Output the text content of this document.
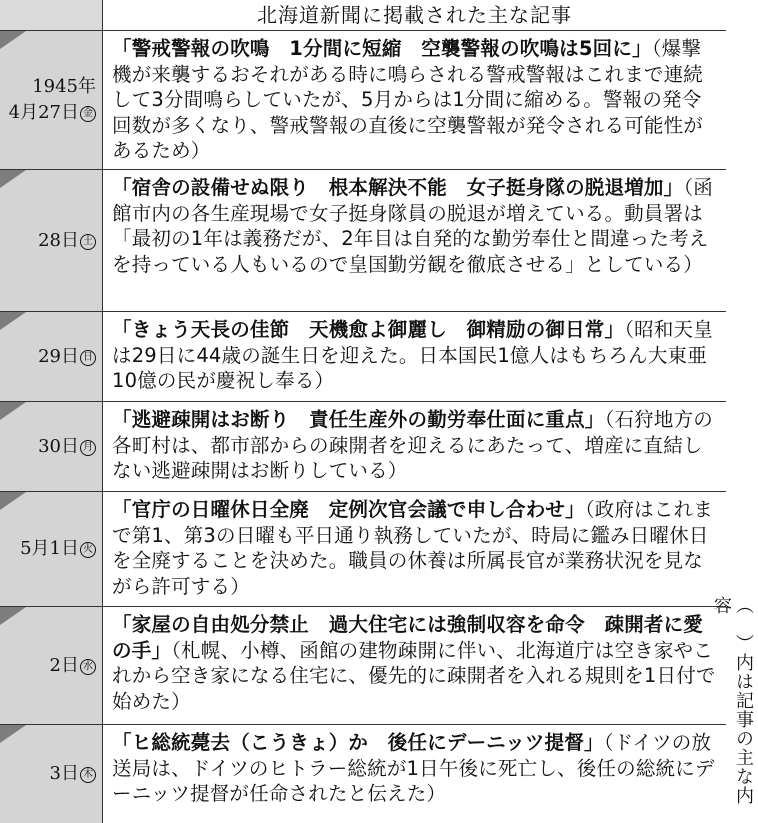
北海道新聞に掲載された主な記事
1945年
4月27日 金
「警戒警報の吹鳴　1分間に短縮　空襲警報の吹鳴は5回に」（爆撃機が来襲するおそれがある時に鳴らされる警戒警報はこれまで連続して3分間鳴らしていたが、5月からは1分間に縮める。警報の発令回数が多くなり、警戒警報の直後に空襲警報が発令される可能性があるため）
28日 土
「宿舎の設備せぬ限り　根本解決不能　女子挺身隊の脱退増加」（函館市内の各生産現場で女子挺身隊員の脱退が増えている。動員署は「最初の1年は義務だが、2年目は自発的な勤労奉仕と間違った考えを持っている人もいるので皇国勤労観を徹底させる」としている）
29日 日
「きょう天長の佳節　天機愈よ御麗し　御精励の御日常」（昭和天皇は29日に44歳の誕生日を迎えた。日本国民1億人はもちろん大東亜10億の民が慶祝し奉る）
30日 月
「逃避疎開はお断り　責任生産外の勤労奉仕面に重点」（石狩地方の各町村は、都市部からの疎開者を迎えるにあたって、増産に直結しない逃避疎開はお断りしている）
5月1日 火
「官庁の日曜休日全廃　定例次官会議で申し合わせ」（政府はこれまで第1、第3の日曜も平日通り執務していたが、時局に鑑み日曜休日を全廃することを決めた。職員の休養は所属長官が業務状況を見ながら許可する）
2日 水
「家屋の自由処分禁止　過大住宅には強制収容を命令　疎開者に愛の手」（札幌、小樽、函館の建物疎開に伴い、北海道庁は空き家やこれから空き家になる住宅に、優先的に疎開者を入れる規則を1日付で始めた）
3日 木
「ヒ総統薨去（こうきょ）か　後任にデーニッツ提督」（ドイツの放送局は、ドイツのヒトラー総統が1日午後に死亡し、後任の総統にデーニッツ提督が任命されたと伝えた）	（　）内は記事の主な内容
